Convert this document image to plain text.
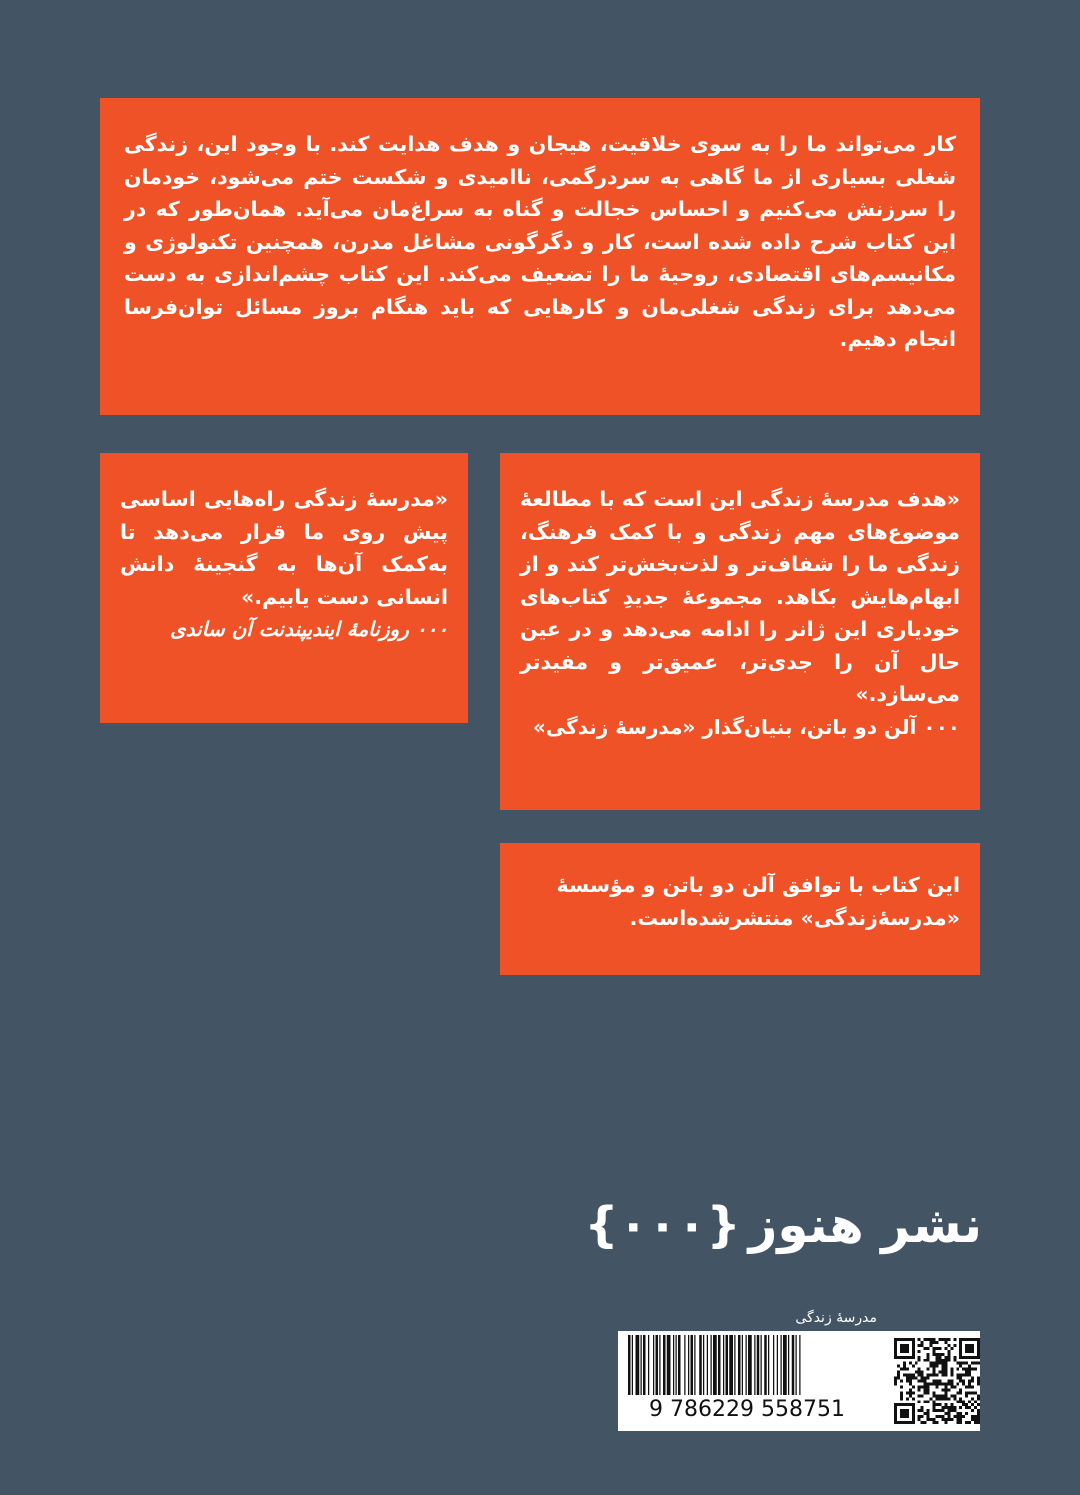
کار می‌تواند ما را به سوی خلاقیت، هیجان و هدف هدایت کند. با وجود این، زندگی شغلی بسیاری از ما گاهی به سردرگمی، ناامیدی و شکست ختم می‌شود، خودمان را سرزنش می‌کنیم و احساس خجالت و گناه به سراغ‌مان می‌آید. همان‌طور که در این کتاب شرح داده شده است، کار و دگرگونی مشاغل مدرن، همچنین تکنولوژی و مکانیسم‌های اقتصادی، روحیهٔ ما را تضعیف می‌کند. این کتاب چشم‌اندازی به دست می‌دهد برای زندگی شغلی‌مان و کارهایی که باید هنگام بروز مسائل توان‌فرسا انجام دهیم.

«هدف مدرسهٔ زندگی این است که با مطالعهٔ موضوع‌های مهم زندگی و با کمک فرهنگ، زندگی ما را شفاف‌تر و لذت‌بخش‌تر کند و از ابهام‌هایش بکاهد. مجموعهٔ جدیدِ کتاب‌های خودیاری این ژانر را ادامه می‌دهد و در عین حال آن را جدی‌تر، عمیق‌تر و مفیدتر می‌سازد.»

۰۰۰ آلن دو باتن، بنیان‌گذار «مدرسهٔ زندگی»

«مدرسهٔ زندگی راه‌هایی اساسی پیش روی ما قرار می‌دهد تا به‌کمک آن‌ها به گنجینهٔ دانش انسانی دست یابیم.»

۰۰۰ روزنامهٔ ایندیپندنت آن ساندی

این کتاب با توافق آلن دو باتن و مؤسسهٔ

«مدرسهٔ‌زندگی» منتشرشده‌است.

نشر هنوز
{۰۰۰}
مدرسهٔ زندگی
9 786229 558751
